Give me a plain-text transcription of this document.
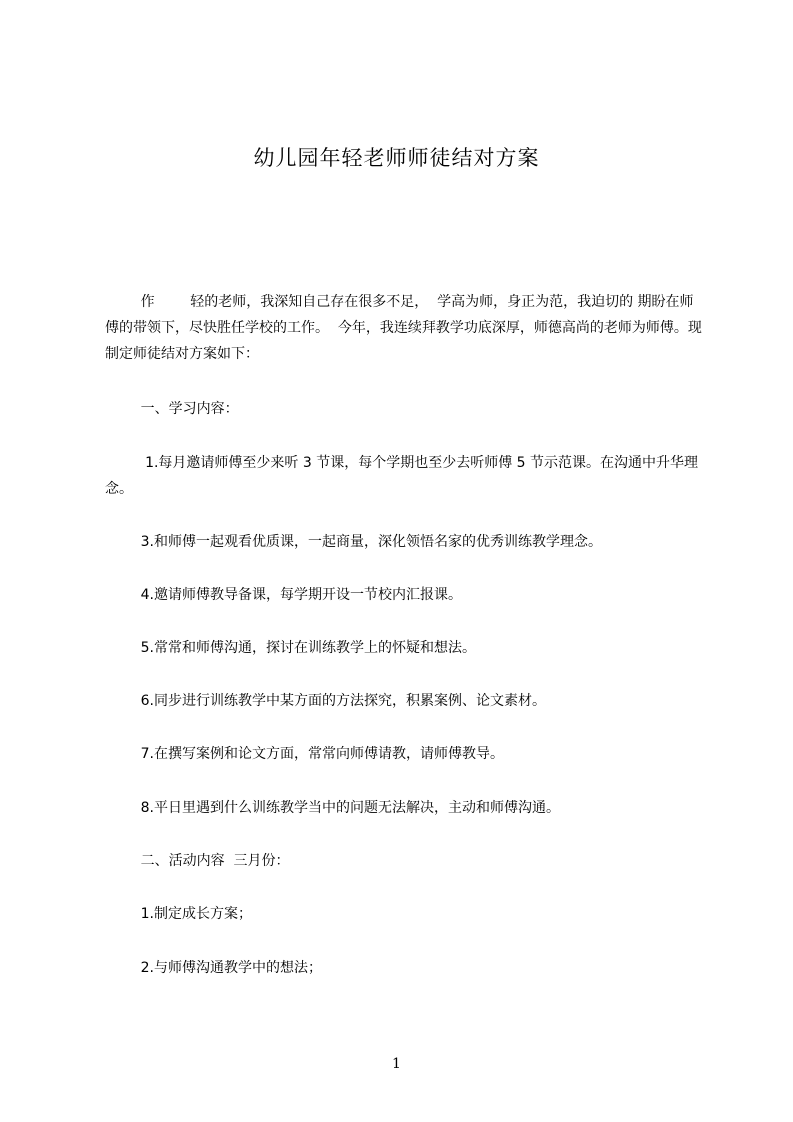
幼儿园年轻老师师徒结对方案
作        轻的老师，我深知自己存在很多不足，  学高为师，身正为范，我迫切的 期盼在师傅的带领下，尽快胜任学校的工作。  今年，我连续拜教学功底深厚，师德高尚的老师为师傅。现制定师徒结对方案如下：
一、学习内容：
1.每月邀请师傅至少来听 3 节课，每个学期也至少去听师傅 5 节示范课。在沟通中升华理念。
3.和师傅一起观看优质课，一起商量，深化领悟名家的优秀训练教学理念。
4.邀请师傅教导备课，每学期开设一节校内汇报课。
5.常常和师傅沟通，探讨在训练教学上的怀疑和想法。
6.同步进行训练教学中某方面的方法探究，积累案例、论文素材。
7.在撰写案例和论文方面，常常向师傅请教，请师傅教导。
8.平日里遇到什么训练教学当中的问题无法解决，主动和师傅沟通。
二、活动内容  三月份：
1.制定成长方案；
2.与师傅沟通教学中的想法；
1
